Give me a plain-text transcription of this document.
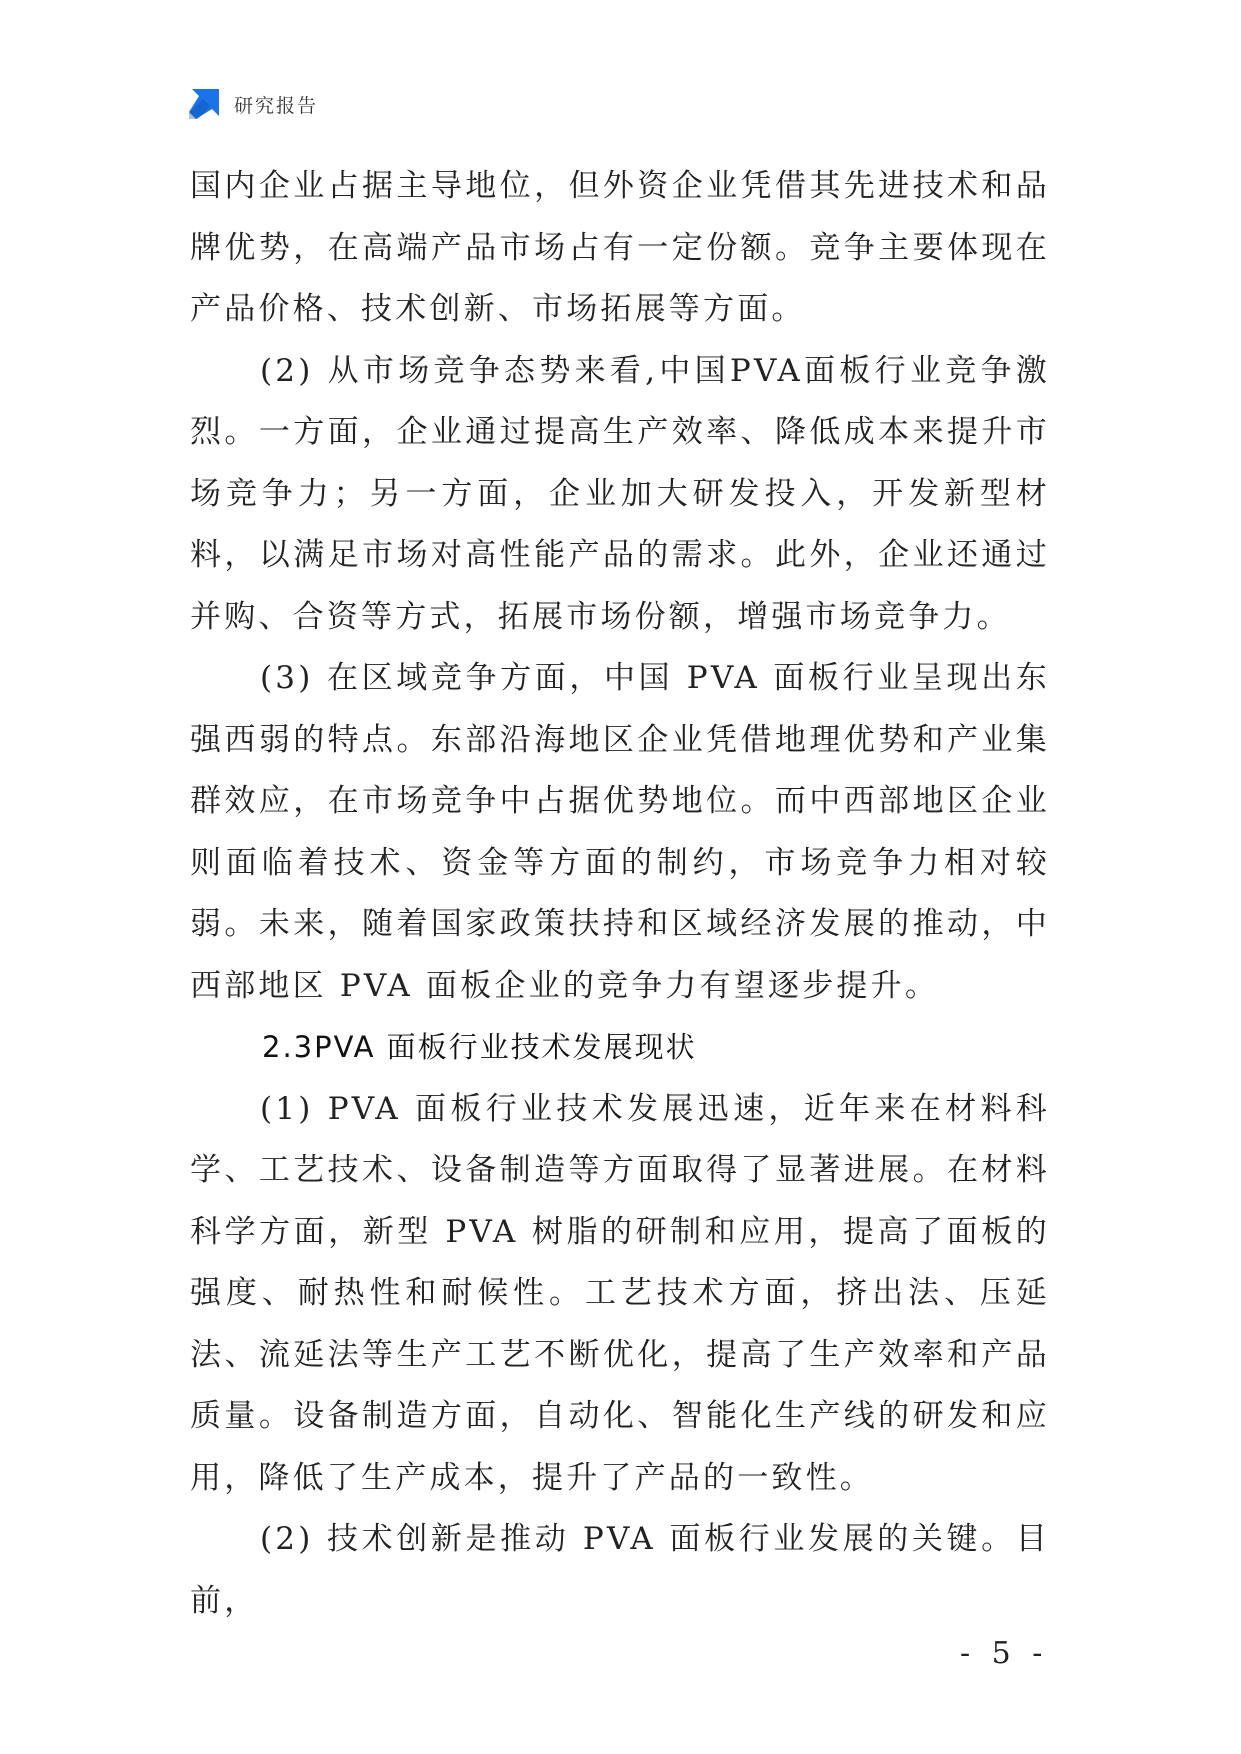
研究报告

国内企业占据主导地位，但外资企业凭借其先进技术和品牌优势，在高端产品市场占有一定份额。竞争主要体现在产品价格、技术创新、市场拓展等方面。

(2) 从市场竞争态势来看,中国PVA面板行业竞争激烈。一方面，企业通过提高生产效率、降低成本来提升市场竞争力；另一方面，企业加大研发投入，开发新型材料，以满足市场对高性能产品的需求。此外，企业还通过并购、合资等方式，拓展市场份额，增强市场竞争力。

(3) 在区域竞争方面，中国 PVA 面板行业呈现出东强西弱的特点。东部沿海地区企业凭借地理优势和产业集群效应，在市场竞争中占据优势地位。而中西部地区企业则面临着技术、资金等方面的制约，市场竞争力相对较弱。未来，随着国家政策扶持和区域经济发展的推动，中西部地区 PVA 面板企业的竞争力有望逐步提升。

2.3PVA 面板行业技术发展现状

(1) PVA 面板行业技术发展迅速，近年来在材料科学、工艺技术、设备制造等方面取得了显著进展。在材料科学方面，新型 PVA 树脂的研制和应用，提高了面板的强度、耐热性和耐候性。工艺技术方面，挤出法、压延法、流延法等生产工艺不断优化，提高了生产效率和产品质量。设备制造方面，自动化、智能化生产线的研发和应用，降低了生产成本，提升了产品的一致性。

(2) 技术创新是推动 PVA 面板行业发展的关键。目前，

- 5 -
